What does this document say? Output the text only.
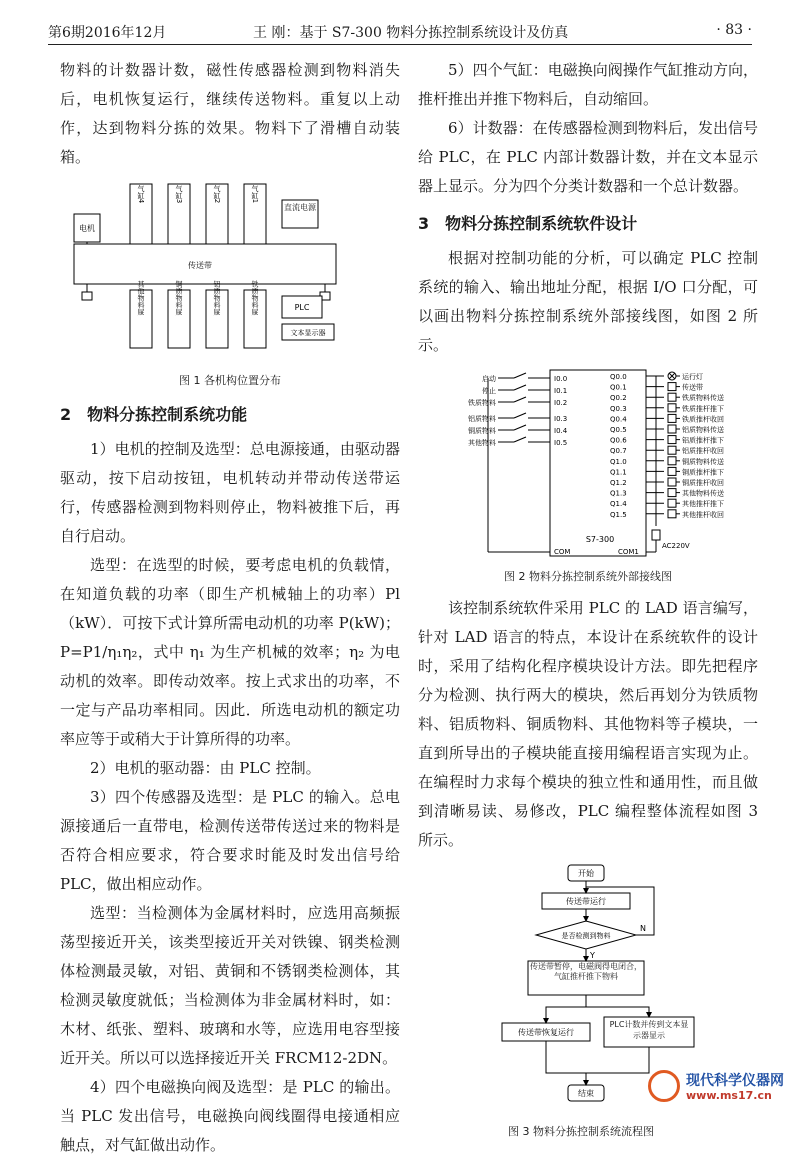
第6期2016年12月	王 刚：基于 S7-300 物料分拣控制系统设计及仿真	· 83 ·

物料的计数器计数，磁性传感器检测到物料消失后，电机恢复运行，继续传送物料。重复以上动作，达到物料分拣的效果。物料下了滑槽自动装箱。

电机
气缸4	气缸3	气缸2	气缸1
直流电源
传送带
其他物料屉	铜质物料屉	铝质物料屉	铁质物料屉	PLC
文本显示器
图 1 各机构位置分布

2　物料分拣控制系统功能

1）电机的控制及选型：总电源接通，由驱动器驱动，按下启动按钮，电机转动并带动传送带运行，传感器检测到物料则停止，物料被推下后，再自行启动。

选型：在选型的时候，要考虑电机的负载情，在知道负载的功率（即生产机械轴上的功率）Pl（kW）．可按下式计算所需电动机的功率 P(kW)；P=P1/η₁η₂，式中 η₁ 为生产机械的效率；η₂ 为电动机的效率。即传动效率。按上式求出的功率，不一定与产品功率相同。因此．所选电动机的额定功率应等于或稍大于计算所得的功率。

2）电机的驱动器：由 PLC 控制。

3）四个传感器及选型：是 PLC 的输入。总电源接通后一直带电，检测传送带传送过来的物料是否符合相应要求，符合要求时能及时发出信号给 PLC，做出相应动作。

选型：当检测体为金属材料时，应选用高频振荡型接近开关，该类型接近开关对铁镍、钢类检测体检测最灵敏，对铝、黄铜和不锈钢类检测体，其检测灵敏度就低；当检测体为非金属材料时，如：木材、纸张、塑料、玻璃和水等，应选用电容型接近开关。所以可以选择接近开关 FRCM12-2DN。

4）四个电磁换向阀及选型：是 PLC 的输出。当 PLC 发出信号，电磁换向阀线圈得电接通相应触点，对气缸做出动作。

5）四个气缸：电磁换向阀操作气缸推动方向，推杆推出并推下物料后，自动缩回。

6）计数器：在传感器检测到物料后，发出信号给 PLC，在 PLC 内部计数器计数，并在文本显示器上显示。分为四个分类计数器和一个总计数器。

3　物料分拣控制系统软件设计

根据对控制功能的分析，可以确定 PLC 控制系统的输入、输出地址分配，根据 I/O 口分配，可以画出物料分拣控制系统外部接线图，如图 2 所示。

S7-300
COM	COM1
AC220V
启动	I0.0
停止	I0.1
铁质物料	I0.2
铝质物料	I0.3
铜质物料	I0.4
其他物料	I0.5
Q0.0	运行灯
Q0.1	传送带
Q0.2	铁质物料传送
Q0.3	铁质推杆推下
Q0.4	铁质推杆收回
Q0.5	铝质物料传送
Q0.6	铝质推杆推下
Q0.7	铝质推杆收回
Q1.0	铜质物料传送
Q1.1	铜质推杆推下
Q1.2	铜质推杆收回
Q1.3	其他物料传送
Q1.4	其他推杆推下
Q1.5	其他推杆收回
图 2 物料分拣控制系统外部接线图

该控制系统软件采用 PLC 的 LAD 语言编写，针对 LAD 语言的特点，本设计在系统软件的设计时，采用了结构化程序模块设计方法。即先把程序分为检测、执行两大的模块，然后再划分为铁质物料、铝质物料、铜质物料、其他物料等子模块，一直到所导出的子模块能直接用编程语言实现为止。在编程时力求每个模块的独立性和通用性，而且做到清晰易读、易修改，PLC 编程整体流程如图 3 所示。

开始
传送带运行
是否检测到物料
N
Y
传送带恢复运行
结束
传送带暂停，电磁阀得电闭合，气缸推杆推下物料
PLC计数并传到文本显示器显示
图 3 物料分拣控制系统流程图
现代科学仪器网
www.ms17.cn
